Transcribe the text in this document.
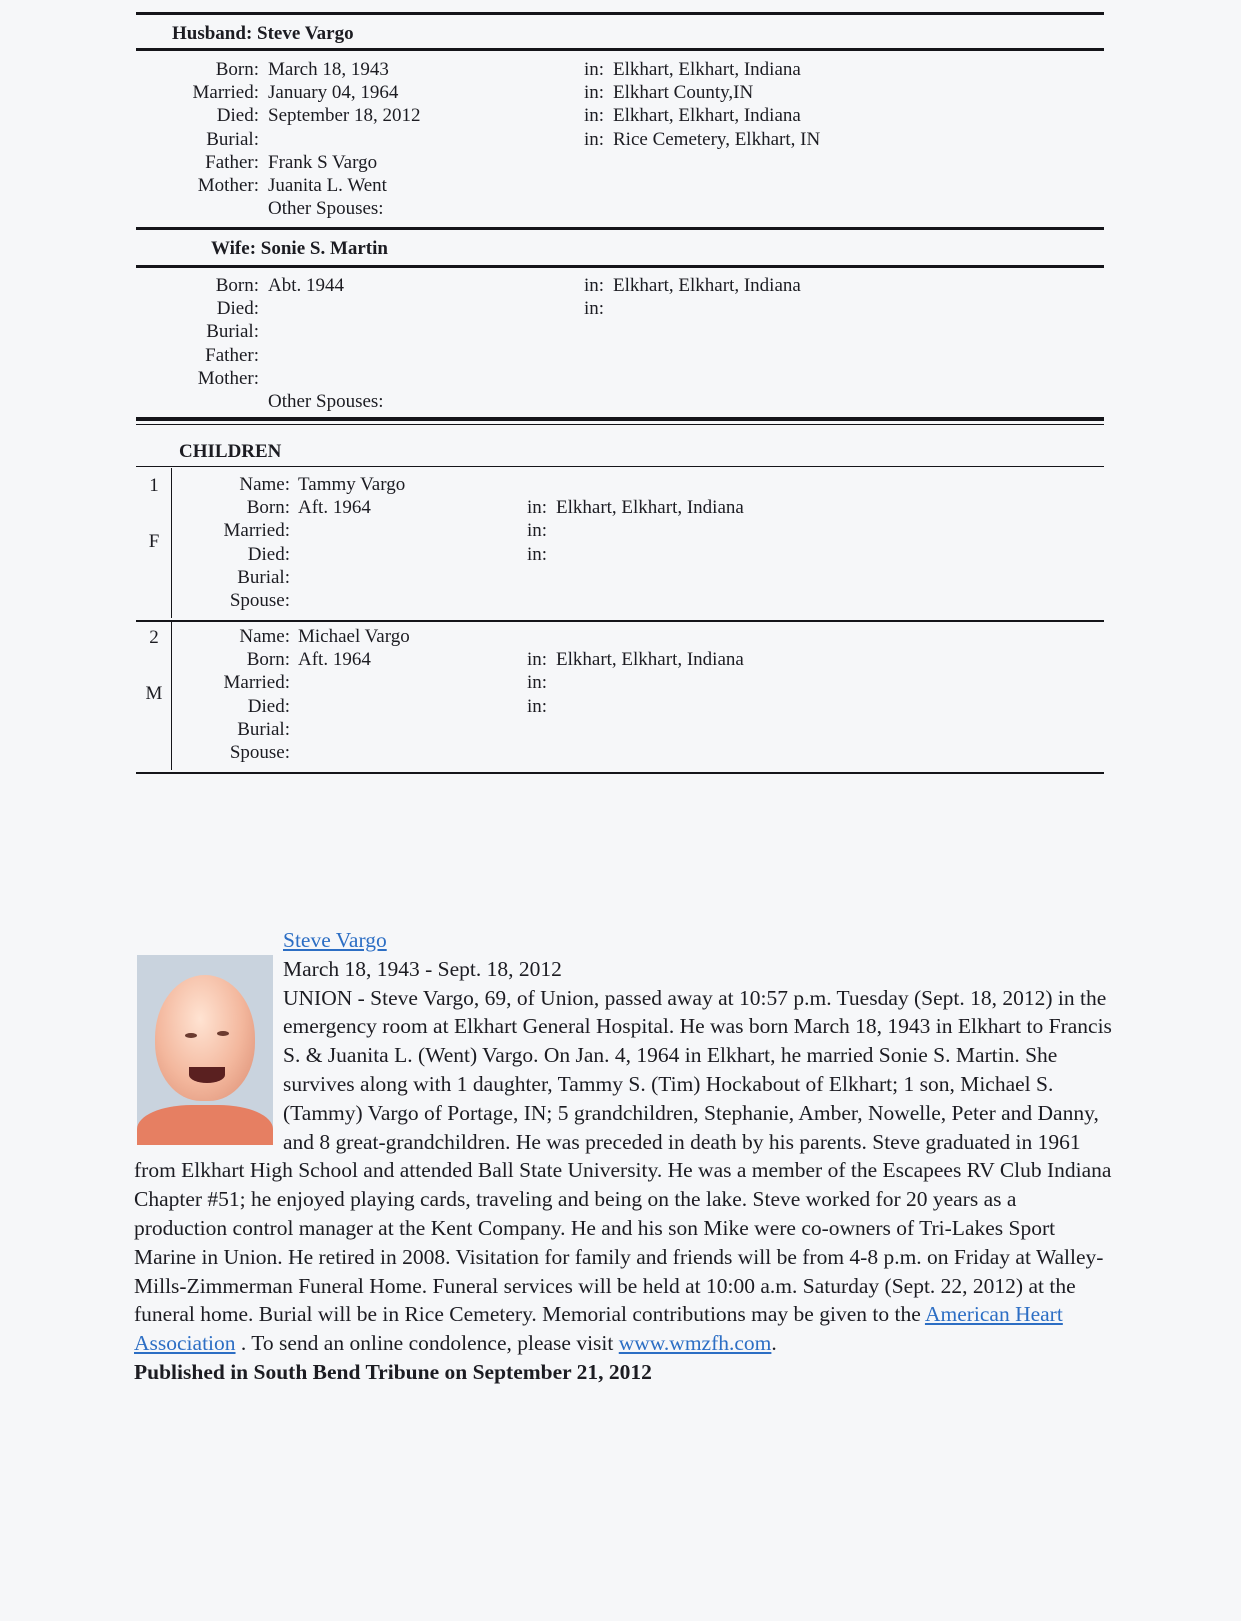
Husband: Steve Vargo
Born: March 18, 1943	in: Elkhart, Elkhart, Indiana
Married: January 04, 1964	in: Elkhart County,IN
Died: September 18, 2012	in: Elkhart, Elkhart, Indiana
Burial:	in: Rice Cemetery, Elkhart, IN
Father: Frank S Vargo
Mother: Juanita L. Went
Other Spouses:
Wife: Sonie S. Martin
Born: Abt. 1944	in: Elkhart, Elkhart, Indiana
Died:	in:
Burial:
Father:
Mother:
Other Spouses:
CHILDREN
1
F
Name: Tammy Vargo
Born: Aft. 1964	in: Elkhart, Elkhart, Indiana
Married:	in:
Died:	in:
Burial:
Spouse:
2
M
Name: Michael Vargo
Born: Aft. 1964	in: Elkhart, Elkhart, Indiana
Married:	in:
Died:	in:
Burial:
Spouse:

Steve Vargo
March 18, 1943 - Sept. 18, 2012
UNION - Steve Vargo, 69, of Union, passed away at 10:57 p.m. Tuesday (Sept. 18, 2012) in the emergency room at Elkhart General Hospital. He was born March 18, 1943 in Elkhart to Francis S. & Juanita L. (Went) Vargo. On Jan. 4, 1964 in Elkhart, he married Sonie S. Martin. She survives along with 1 daughter, Tammy S. (Tim) Hockabout of Elkhart; 1 son, Michael S. (Tammy) Vargo of Portage, IN; 5 grandchildren, Stephanie, Amber, Nowelle, Peter and Danny, and 8 great-grandchildren. He was preceded in death by his parents. Steve graduated in 1961 from Elkhart High School and attended Ball State University. He was a member of the Escapees RV Club Indiana Chapter #51; he enjoyed playing cards, traveling and being on the lake. Steve worked for 20 years as a production control manager at the Kent Company. He and his son Mike were co-owners of Tri-Lakes Sport Marine in Union. He retired in 2008. Visitation for family and friends will be from 4-8 p.m. on Friday at Walley-Mills-Zimmerman Funeral Home. Funeral services will be held at 10:00 a.m. Saturday (Sept. 22, 2012) at the funeral home. Burial will be in Rice Cemetery. Memorial contributions may be given to the American Heart Association . To send an online condolence, please visit www.wmzfh.com.
Published in South Bend Tribune on September 21, 2012
